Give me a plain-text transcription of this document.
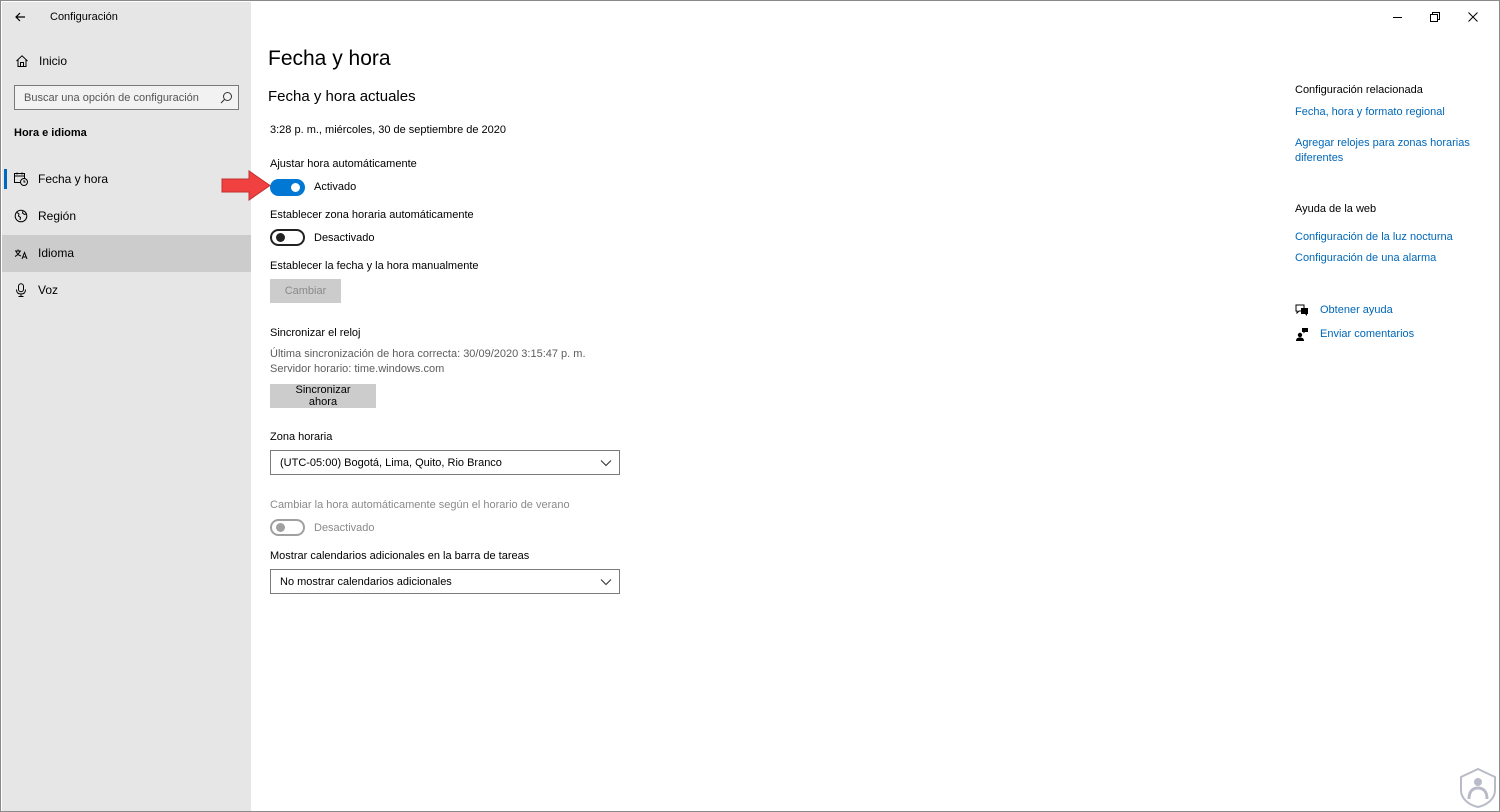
Configuración
Inicio
Buscar una opción de configuración
Hora e idioma
Fecha y hora
Región
Idioma
Voz
Fecha y hora
Fecha y hora actuales
3:28 p. m., miércoles, 30 de septiembre de 2020
Ajustar hora automáticamente
Activado
Establecer zona horaria automáticamente
Desactivado
Establecer la fecha y la hora manualmente
Cambiar
Sincronizar el reloj
Última sincronización de hora correcta: 30/09/2020 3:15:47 p. m.
Servidor horario: time.windows.com
Sincronizar ahora
Zona horaria
(UTC-05:00) Bogotá, Lima, Quito, Rio Branco
Cambiar la hora automáticamente según el horario de verano
Desactivado
Mostrar calendarios adicionales en la barra de tareas
No mostrar calendarios adicionales
Configuración relacionada
Fecha, hora y formato regional
Agregar relojes para zonas horarias diferentes
Ayuda de la web
Configuración de la luz nocturna
Configuración de una alarma
Obtener ayuda
Enviar comentarios
